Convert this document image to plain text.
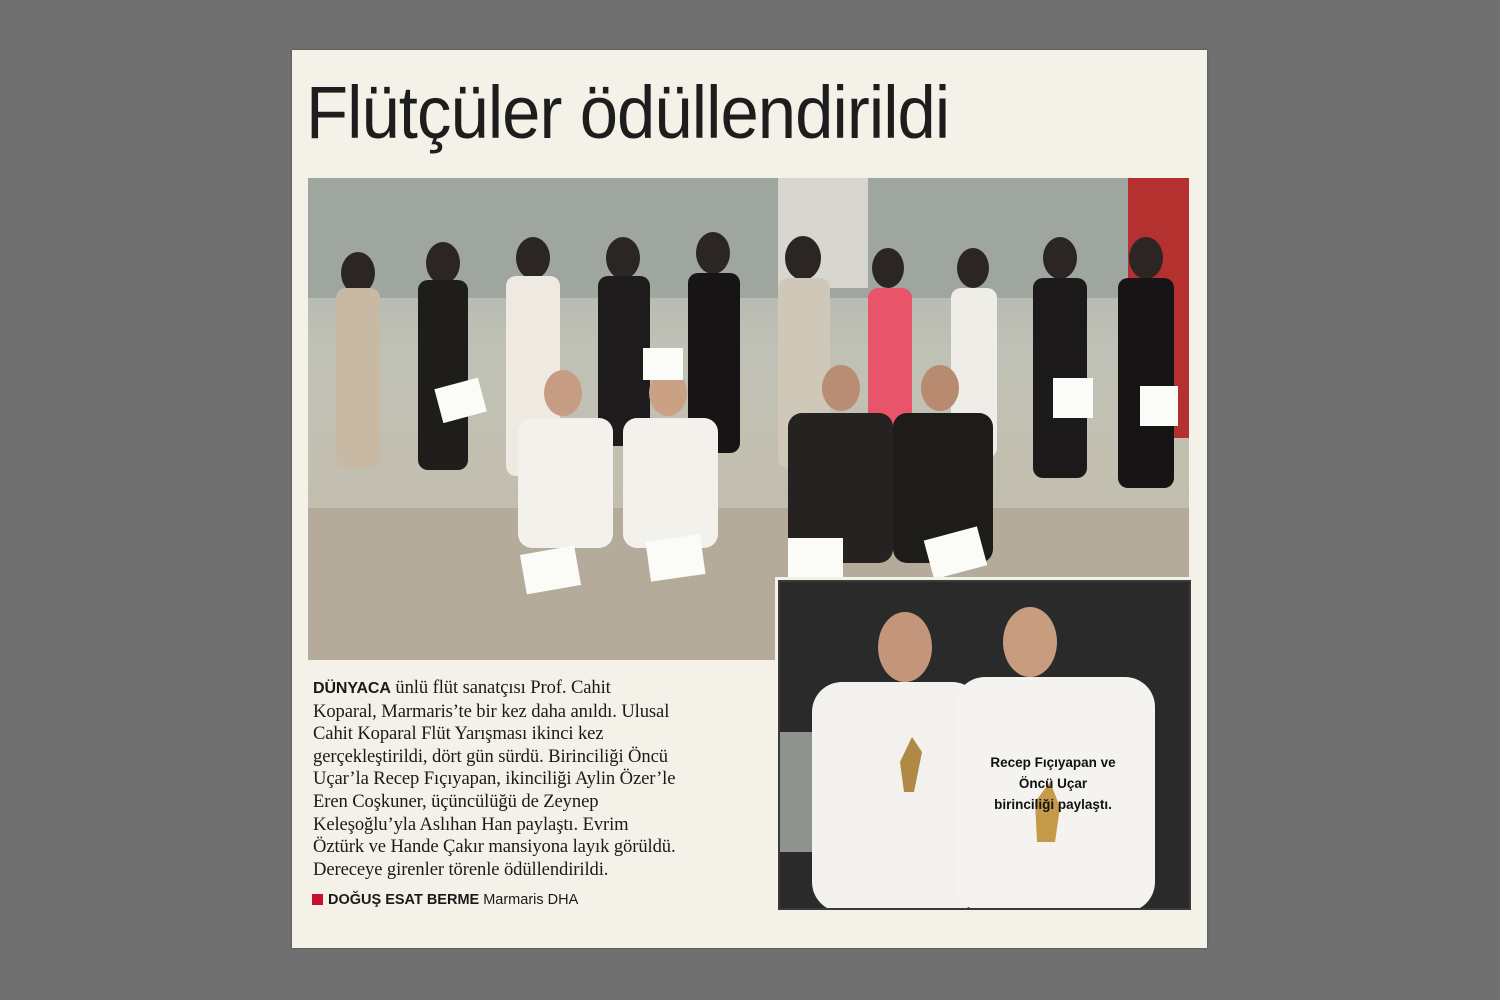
Flütçüler ödüllendirildi
Recep Fıçıyapan ve
Öncü Uçar
birinciliği paylaştı.
DÜNYACA ünlü flüt sanatçısı Prof. Cahit
Koparal, Marmaris’te bir kez daha anıldı. Ulusal
Cahit Koparal Flüt Yarışması ikinci kez
gerçekleştirildi, dört gün sürdü. Birinciliği Öncü
Uçar’la Recep Fıçıyapan, ikinciliği Aylin Özer’le
Eren Coşkuner, üçüncülüğü de Zeynep
Keleşoğlu’yla Aslıhan Han paylaştı. Evrim
Öztürk ve Hande Çakır mansiyona layık görüldü.
Dereceye girenler törenle ödüllendirildi.
DOĞUŞ ESAT BERME Marmaris DHA
